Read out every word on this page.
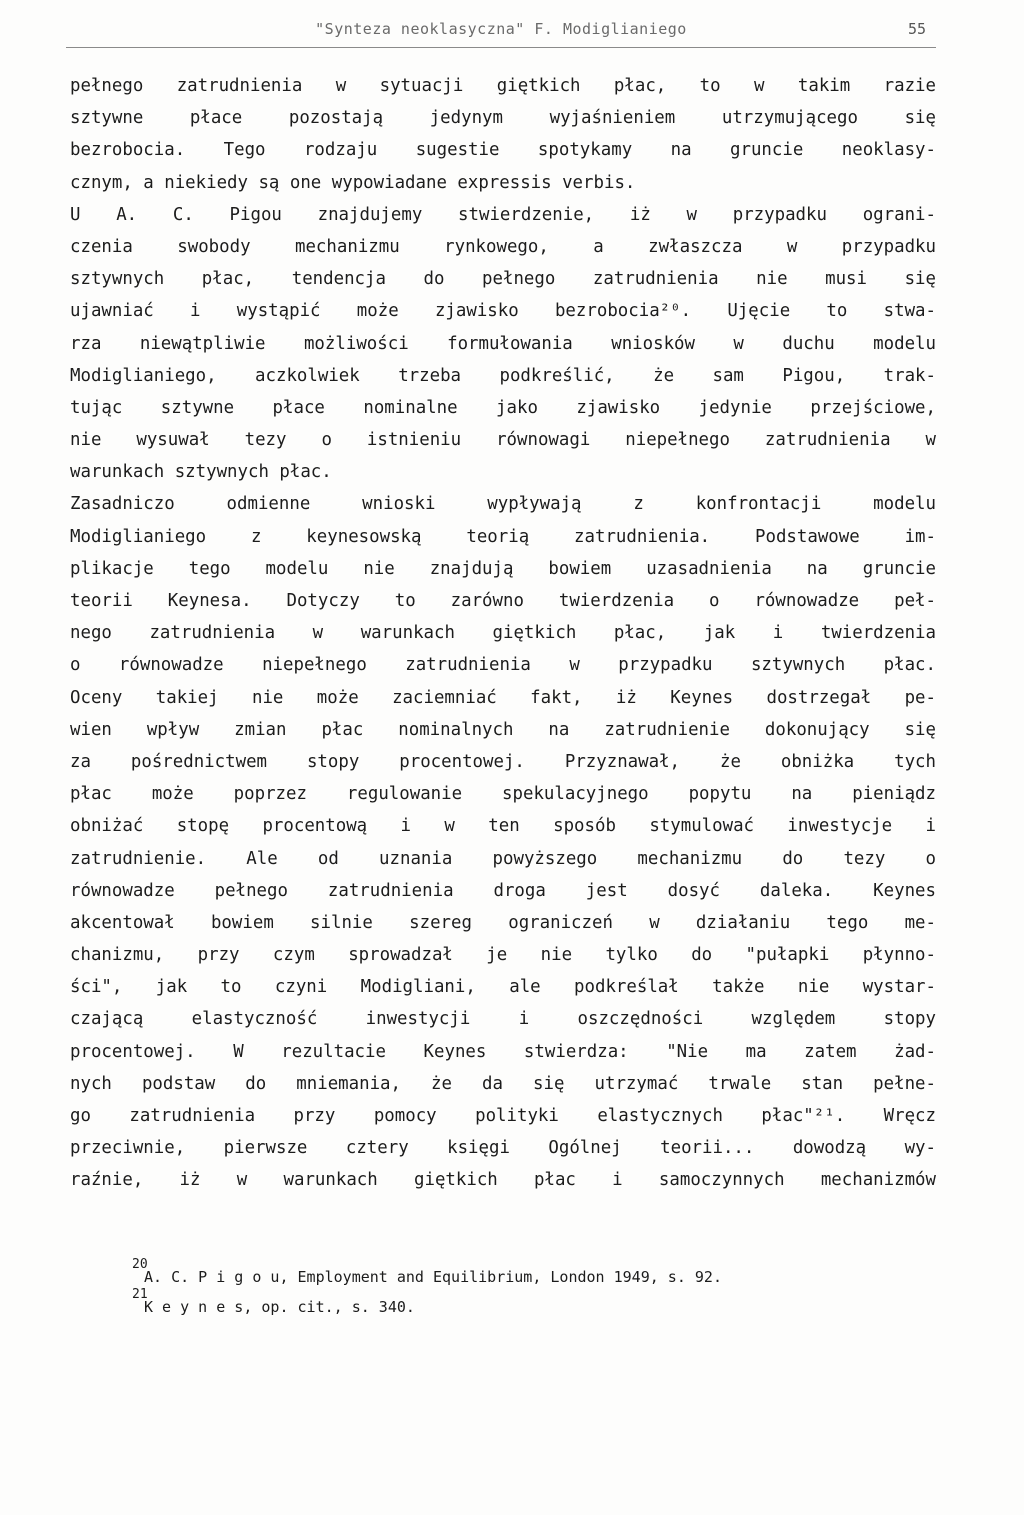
"Synteza neoklasyczna" F. Modiglianiego	55
pełnego zatrudnienia w sytuacji giętkich płac, to w takim razie
sztywne płace pozostają jedynym wyjaśnieniem utrzymującego się
bezrobocia. Tego rodzaju sugestie spotykamy na gruncie neoklasy-
cznym, a niekiedy są one wypowiadane expressis verbis.
U A. C. Pigou znajdujemy stwierdzenie, iż w przypadku ograni-
czenia swobody mechanizmu rynkowego, a zwłaszcza w przypadku
sztywnych płac, tendencja do pełnego zatrudnienia nie musi się
ujawniać i wystąpić może zjawisko bezrobocia²⁰. Ujęcie to stwa-
rza niewątpliwie możliwości formułowania wniosków w duchu modelu
Modiglianiego, aczkolwiek trzeba podkreślić, że sam Pigou, trak-
tując sztywne płace nominalne jako zjawisko jedynie przejściowe,
nie wysuwał tezy o istnieniu równowagi niepełnego zatrudnienia w
warunkach sztywnych płac.
Zasadniczo odmienne wnioski wypływają z konfrontacji modelu
Modiglianiego z keynesowską teorią zatrudnienia. Podstawowe im-
plikacje tego modelu nie znajdują bowiem uzasadnienia na gruncie
teorii Keynesa. Dotyczy to zarówno twierdzenia o równowadze peł-
nego zatrudnienia w warunkach giętkich płac, jak i twierdzenia
o równowadze niepełnego zatrudnienia w przypadku sztywnych płac.
Oceny takiej nie może zaciemniać fakt, iż Keynes dostrzegał pe-
wien wpływ zmian płac nominalnych na zatrudnienie dokonujący się
za pośrednictwem stopy procentowej. Przyznawał, że obniżka tych
płac może poprzez regulowanie spekulacyjnego popytu na pieniądz
obniżać stopę procentową i w ten sposób stymulować inwestycje i
zatrudnienie. Ale od uznania powyższego mechanizmu do tezy o
równowadze pełnego zatrudnienia droga jest dosyć daleka. Keynes
akcentował bowiem silnie szereg ograniczeń w działaniu tego me-
chanizmu, przy czym sprowadzał je nie tylko do "pułapki płynno-
ści", jak to czyni Modigliani, ale podkreślał także nie wystar-
czającą elastyczność inwestycji i oszczędności względem stopy
procentowej. W rezultacie Keynes stwierdza: "Nie ma zatem żad-
nych podstaw do mniemania, że da się utrzymać trwale stan pełne-
go zatrudnienia przy pomocy polityki elastycznych płac"²¹. Wręcz
przeciwnie, pierwsze cztery księgi Ogólnej teorii... dowodzą wy-
raźnie, iż w warunkach giętkich płac i samoczynnych mechanizmów
20
A. C. P i g o u, Employment and Equilibrium, London 1949, s. 92.
21
K e y n e s, op. cit., s. 340.
